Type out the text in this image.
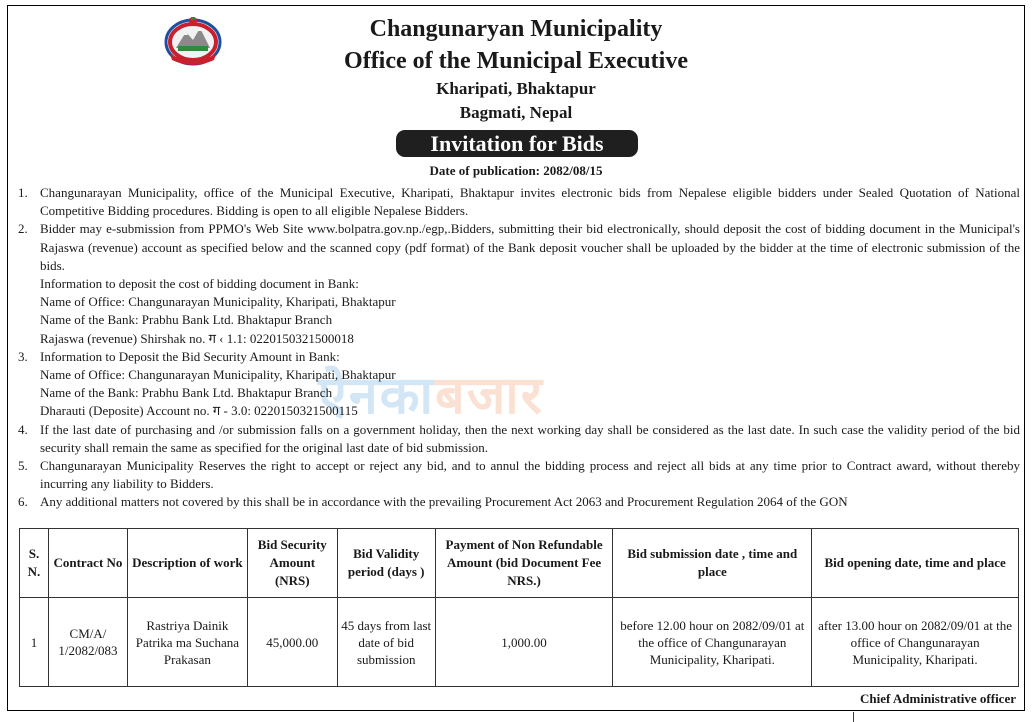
Changunaryan Municipality
Office of the Municipal Executive
Kharipati, Bhaktapur
Bagmati, Nepal
Invitation for Bids
Date of publication: 2082/08/15
ऐनकाबजार
1. Changunarayan Municipality, office of the Municipal Executive, Kharipati, Bhaktapur invites electronic bids from Nepalese eligible bidders under Sealed Quotation of National Competitive Bidding procedures. Bidding is open to all eligible Nepalese Bidders.
2. Bidder may e-submission from PPMO's Web Site www.bolpatra.gov.np./egp,.Bidders, submitting their bid electronically, should deposit the cost of bidding document in the Municipal's Rajaswa (revenue) account as specified below and the scanned copy (pdf format) of the Bank deposit voucher shall be uploaded by the bidder at the time of electronic submission of the bids.
Information to deposit the cost of bidding document in Bank:
Name of Office: Changunarayan Municipality, Kharipati, Bhaktapur
Name of the Bank: Prabhu Bank Ltd. Bhaktapur Branch
Rajaswa (revenue) Shirshak no. ग ‹ 1.1: 0220150321500018
3. Information to Deposit the Bid Security Amount in Bank:
Name of Office: Changunarayan Municipality, Kharipati, Bhaktapur
Name of the Bank: Prabhu Bank Ltd. Bhaktapur Branch
Dharauti (Deposite) Account no. ग - 3.0: 0220150321500115
4. If the last date of purchasing and /or submission falls on a government holiday, then the next working day shall be considered as the last date. In such case the validity period of the bid security shall remain the same as specified for the original last date of bid submission.
5. Changunarayan Municipality Reserves the right to accept or reject any bid, and to annul the bidding process and reject all bids at any time prior to Contract award, without thereby incurring any liability to Bidders.
6. Any additional matters not covered by this shall be in accordance with the prevailing Procurement Act 2063 and Procurement Regulation 2064 of the GON
S. N.	Contract No	Description of work	Bid Security Amount (NRS)	Bid Validity period (days )	Payment of Non Refundable Amount (bid Document Fee NRS.)	Bid submission date , time and place	Bid opening date, time and place
1	CM/A/ 1/2082/083	Rastriya Dainik Patrika ma Suchana Prakasan	45,000.00	45 days from last date of bid submission	1,000.00	before 12.00 hour on 2082/09/01 at the office of Changunarayan Municipality, Kharipati.	after 13.00 hour on 2082/09/01 at the office of Changunarayan Municipality, Kharipati.
Chief Administrative officer
